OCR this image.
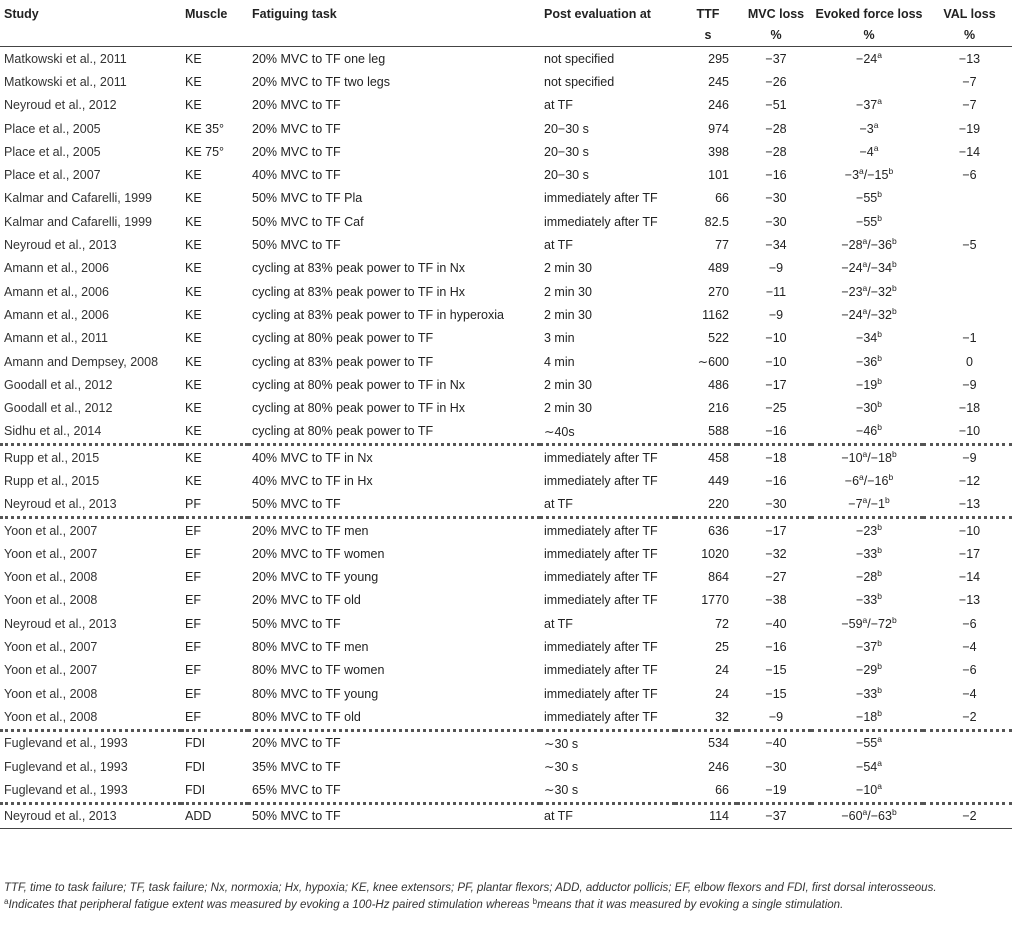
Study	Muscle	Fatiguing task	Post evaluation at	TTF	MVC loss	Evoked force loss	VAL loss
				s	%	%	%
Matkowski et al., 2011	KE	20% MVC to TF one leg	not specified	295	−37	$-24^a$	−13
Matkowski et al., 2011	KE	20% MVC to TF two legs	not specified	245	−26		−7
Neyroud et al., 2012	KE	20% MVC to TF	at TF	246	−51	$-37^a$	−7
Place et al., 2005	KE 35°	20% MVC to TF	20−30 s	974	−28	$-3^a$	−19
Place et al., 2005	KE 75°	20% MVC to TF	20−30 s	398	−28	$-4^a$	−14
Place et al., 2007	KE	40% MVC to TF	20−30 s	101	−16	$-3^a/-15^b$	−6
Kalmar and Cafarelli, 1999	KE	50% MVC to TF Pla	immediately after TF	66	−30	$-55^b$	
Kalmar and Cafarelli, 1999	KE	50% MVC to TF Caf	immediately after TF	82.5	−30	$-55^b$	
Neyroud et al., 2013	KE	50% MVC to TF	at TF	77	−34	$-28^a/-36^b$	−5
Amann et al., 2006	KE	cycling at 83% peak power to TF in Nx	2 min 30	489	−9	$-24^a/-34^b$	
Amann et al., 2006	KE	cycling at 83% peak power to TF in Hx	2 min 30	270	−11	$-23^a/-32^b$	
Amann et al., 2006	KE	cycling at 83% peak power to TF in hyperoxia	2 min 30	1162	−9	$-24^a/-32^b$	
Amann et al., 2011	KE	cycling at 80% peak power to TF	3 min	522	−10	$-34^b$	−1
Amann and Dempsey, 2008	KE	cycling at 83% peak power to TF	4 min	∼600	−10	$-36^b$	0
Goodall et al., 2012	KE	cycling at 80% peak power to TF in Nx	2 min 30	486	−17	$-19^b$	−9
Goodall et al., 2012	KE	cycling at 80% peak power to TF in Hx	2 min 30	216	−25	$-30^b$	−18
Sidhu et al., 2014	KE	cycling at 80% peak power to TF	∼40s	588	−16	$-46^b$	−10
Rupp et al., 2015	KE	40% MVC to TF in Nx	immediately after TF	458	−18	$-10^a/-18^b$	−9
Rupp et al., 2015	KE	40% MVC to TF in Hx	immediately after TF	449	−16	$-6^a/-16^b$	−12
Neyroud et al., 2013	PF	50% MVC to TF	at TF	220	−30	$-7^a/-1^b$	−13
Yoon et al., 2007	EF	20% MVC to TF men	immediately after TF	636	−17	$-23^b$	−10
Yoon et al., 2007	EF	20% MVC to TF women	immediately after TF	1020	−32	$-33^b$	−17
Yoon et al., 2008	EF	20% MVC to TF young	immediately after TF	864	−27	$-28^b$	−14
Yoon et al., 2008	EF	20% MVC to TF old	immediately after TF	1770	−38	$-33^b$	−13
Neyroud et al., 2013	EF	50% MVC to TF	at TF	72	−40	$-59^a/-72^b$	−6
Yoon et al., 2007	EF	80% MVC to TF men	immediately after TF	25	−16	$-37^b$	−4
Yoon et al., 2007	EF	80% MVC to TF women	immediately after TF	24	−15	$-29^b$	−6
Yoon et al., 2008	EF	80% MVC to TF young	immediately after TF	24	−15	$-33^b$	−4
Yoon et al., 2008	EF	80% MVC to TF old	immediately after TF	32	−9	$-18^b$	−2
Fuglevand et al., 1993	FDI	20% MVC to TF	∼30 s	534	−40	$-55^a$	
Fuglevand et al., 1993	FDI	35% MVC to TF	∼30 s	246	−30	$-54^a$	
Fuglevand et al., 1993	FDI	65% MVC to TF	∼30 s	66	−19	$-10^a$	
Neyroud et al., 2013	ADD	50% MVC to TF	at TF	114	−37	$-60^a/-63^b$	−2
TTF, time to task failure; TF, task failure; Nx, normoxia; Hx, hypoxia; KE, knee extensors; PF, plantar flexors; ADD, adductor pollicis; EF, elbow flexors and FDI, first dorsal interosseous.
$^a$Indicates that peripheral fatigue extent was measured by evoking a 100-Hz paired stimulation whereas $^b$means that it was measured by evoking a single stimulation.
